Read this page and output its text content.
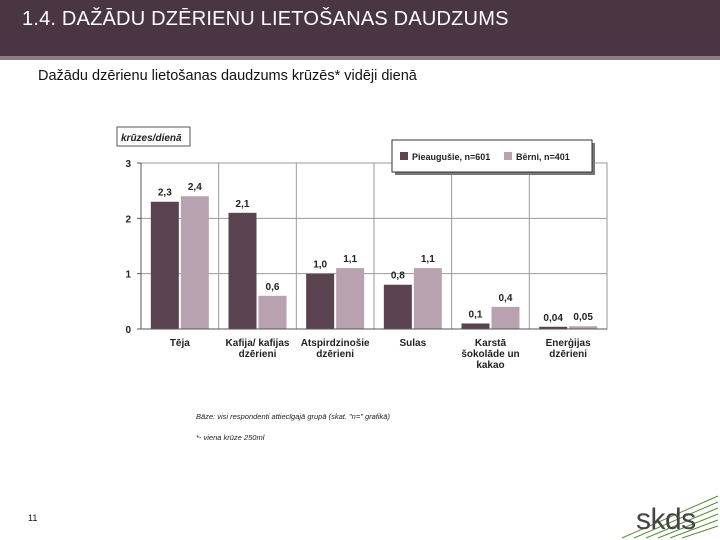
1.4. DAŽĀDU DZĒRIENU LIETOŠANAS DAUDZUMS
Dažādu dzērienu lietošanas daudzums krūzēs* vidēji dienā
krūzes/dienā
0
1
2
3
2,3
2,4
Tēja
2,1
0,6
Kafija/ kafijas
dzērieni
1,0
1,1
Atspirdzinošie
dzērieni
0,8
1,1
Sulas
0,1
0,4
Karstā
šokolāde un
kakao
0,04 0,05
Enerģijas
dzērieni
Pieaugušie, n=601	Bērni, n=401
Bāze: visi respondenti attiecīgajā grupā (skat. "n=" grafikā)
*- viena krūze 250ml
11	skds
